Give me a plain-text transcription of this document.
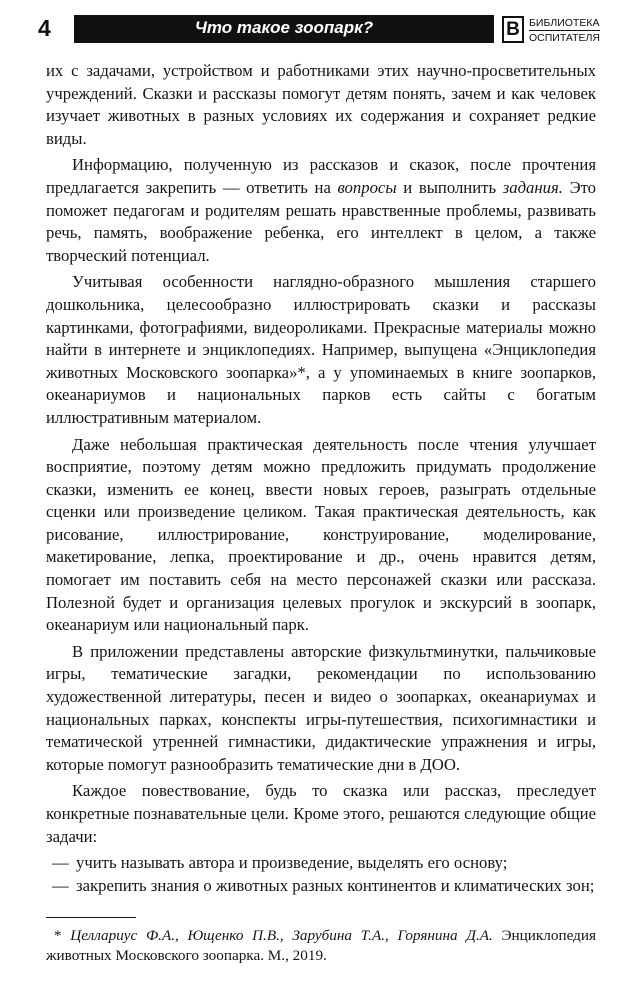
4	Что такое зоопарк?	В БИБЛИОТЕКА
ОСПИТАТЕЛЯ

их с задачами, устройством и работниками этих научно-просветительных учреждений. Сказки и рассказы помогут детям понять, зачем и как человек изучает животных в разных условиях их содержания и сохраняет редкие виды.

Информацию, полученную из рассказов и сказок, после прочтения предлагается закрепить — ответить на вопросы и выполнить задания. Это поможет педагогам и родителям решать нравственные проблемы, развивать речь, память, воображение ребенка, его интеллект в целом, а также творческий потенциал.

Учитывая особенности наглядно-образного мышления старшего дошкольника, целесообразно иллюстрировать сказки и рассказы картинками, фотографиями, видеороликами. Прекрасные материалы можно найти в интернете и энциклопедиях. Например, выпущена «Энциклопедия животных Московского зоопарка»*, а у упоминаемых в книге зоопарков, океанариумов и национальных парков есть сайты с богатым иллюстративным материалом.

Даже небольшая практическая деятельность после чтения улучшает восприятие, поэтому детям можно предложить придумать продолжение сказки, изменить ее конец, ввести новых героев, разыграть отдельные сценки или произведение целиком. Такая практическая деятельность, как рисование, иллюстрирование, конструирование, моделирование, макетирование, лепка, проектирование и др., очень нравится детям, помогает им поставить себя на место персонажей сказки или рассказа. Полезной будет и организация целевых прогулок и экскурсий в зоопарк, океанариум или национальный парк.

В приложении представлены авторские физкультминутки, пальчиковые игры, тематические загадки, рекомендации по использованию художественной литературы, песен и видео о зоопарках, океанариумах и национальных парках, конспекты игры-путешествия, психогимнастики и тематической утренней гимнастики, дидактические упражнения и игры, которые помогут разнообразить тематические дни в ДОО.

Каждое повествование, будь то сказка или рассказ, преследует конкретные познавательные цели. Кроме этого, решаются следующие общие задачи:

— учить называть автора и произведение, выделять его основу;
— закрепить знания о животных разных континентов и климатических зон;
* Целлариус Ф.А., Ющенко П.В., Зарубина Т.А., Горянина Д.А. Энциклопедия животных Московского зоопарка. М., 2019.
